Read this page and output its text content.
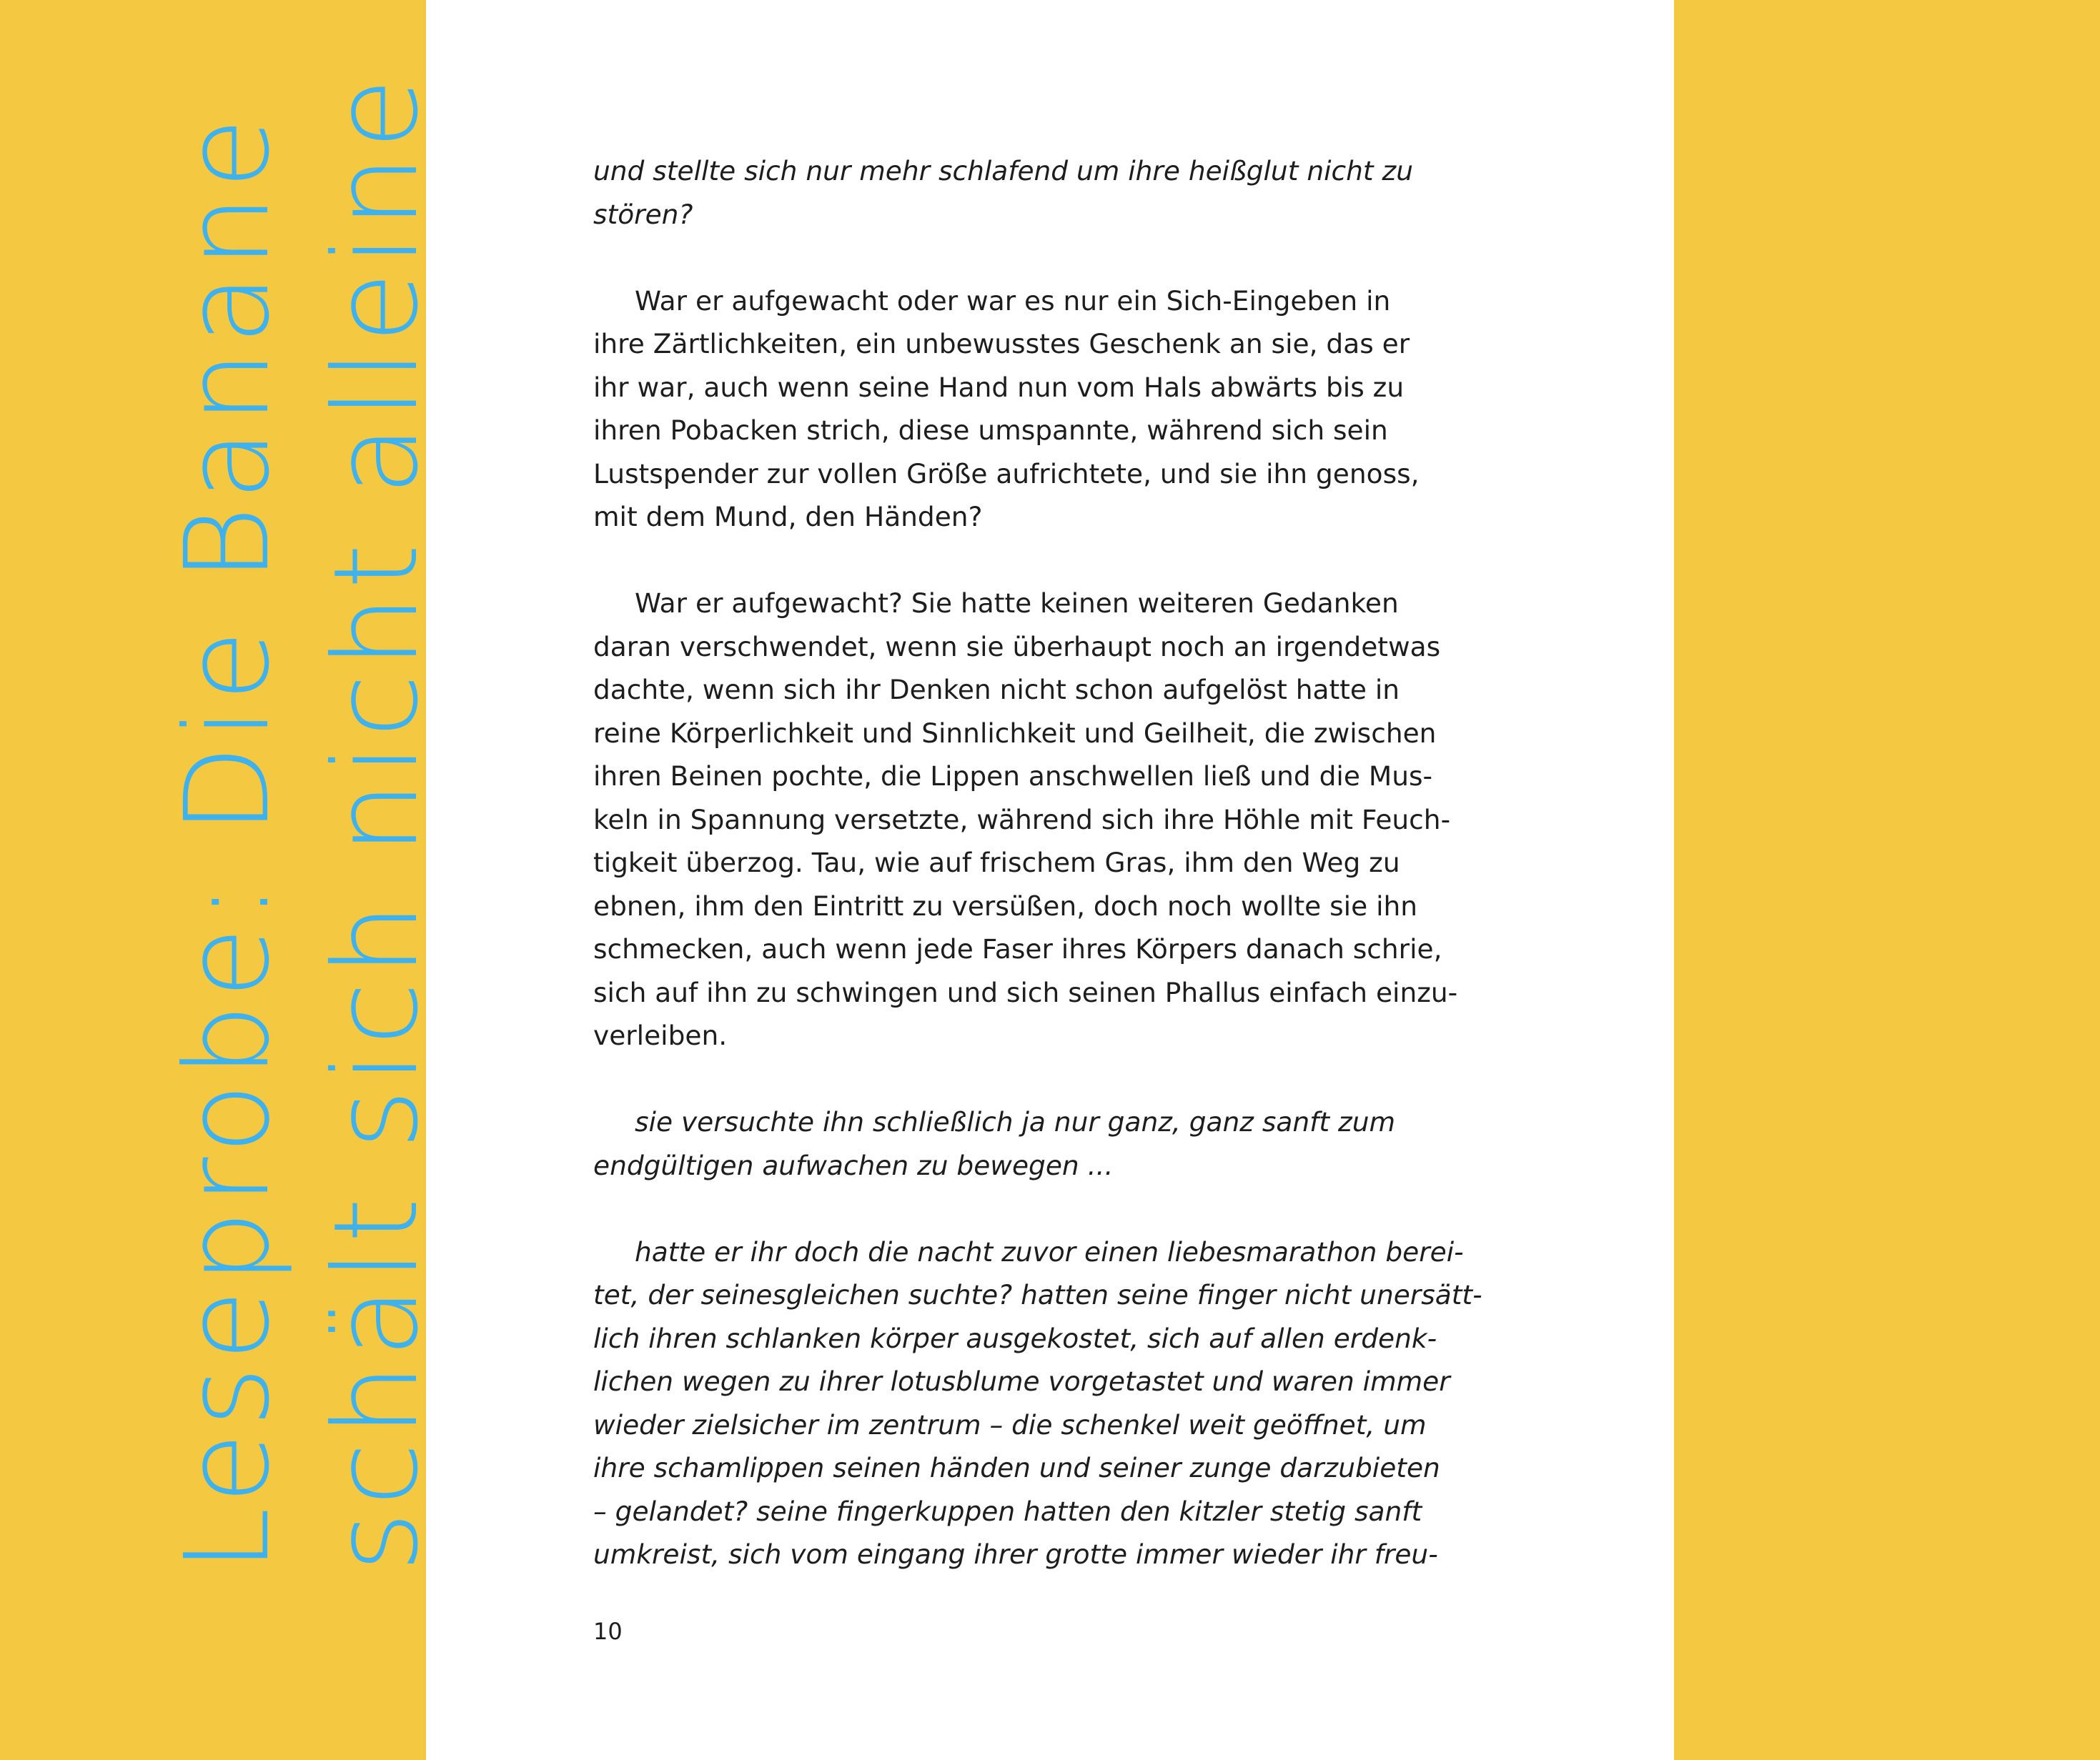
Leseprobe: Die Banane schält sich nicht alleine	und stellte sich nur mehr schlafend um ihre heißglut nicht zu
stören?

War er aufgewacht oder war es nur ein Sich-Eingeben in
ihre Zärtlichkeiten, ein unbewusstes Geschenk an sie, das er
ihr war, auch wenn seine Hand nun vom Hals abwärts bis zu
ihren Pobacken strich, diese umspannte, während sich sein
Lustspender zur vollen Größe aufrichtete, und sie ihn genoss,
mit dem Mund, den Händen?

War er aufgewacht? Sie hatte keinen weiteren Gedanken
daran verschwendet, wenn sie überhaupt noch an irgendetwas
dachte, wenn sich ihr Denken nicht schon aufgelöst hatte in
reine Körperlichkeit und Sinnlichkeit und Geilheit, die zwischen
ihren Beinen pochte, die Lippen anschwellen ließ und die Mus-
keln in Spannung versetzte, während sich ihre Höhle mit Feuch-
tigkeit überzog. Tau, wie auf frischem Gras, ihm den Weg zu
ebnen, ihm den Eintritt zu versüßen, doch noch wollte sie ihn
schmecken, auch wenn jede Faser ihres Körpers danach schrie,
sich auf ihn zu schwingen und sich seinen Phallus einfach einzu-
verleiben.

sie versuchte ihn schließlich ja nur ganz, ganz sanft zum
endgültigen aufwachen zu bewegen ...

hatte er ihr doch die nacht zuvor einen liebesmarathon berei-
tet, der seinesgleichen suchte? hatten seine finger nicht unersätt-
lich ihren schlanken körper ausgekostet, sich auf allen erdenk-
lichen wegen zu ihrer lotusblume vorgetastet und waren immer
wieder zielsicher im zentrum – die schenkel weit geöffnet, um
ihre schamlippen seinen händen und seiner zunge darzubieten
– gelandet? seine fingerkuppen hatten den kitzler stetig sanft
umkreist, sich vom eingang ihrer grotte immer wieder ihr freu-

10
